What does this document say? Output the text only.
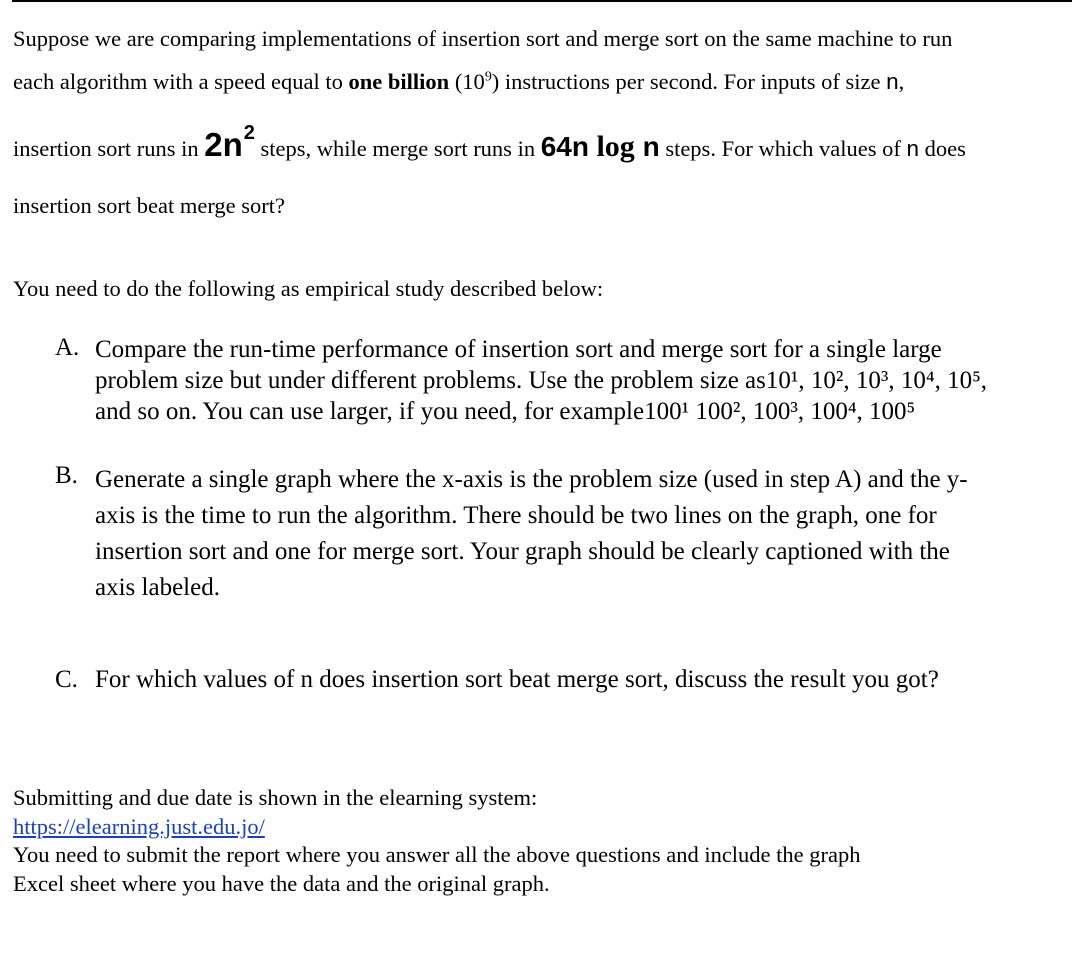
Suppose we are comparing implementations of insertion sort and merge sort on the same machine to run

each algorithm with a speed equal to one billion $(10^9)$ instructions per second. For inputs of size n,

insertion sort runs in 2n2 steps, while merge sort runs in 64n log n steps. For which values of n does

insertion sort beat merge sort?

You need to do the following as empirical study described below:
A. Compare the run-time performance of insertion sort and merge sort for a single large
problem size but under different problems. Use the problem size as10¹, 10², 10³, 10⁴, 10⁵,
and so on. You can use larger, if you need, for example100¹ 100², 100³, 100⁴, 100⁵
B. Generate a single graph where the x-axis is the problem size (used in step A) and the y-
axis is the time to run the algorithm. There should be two lines on the graph, one for
insertion sort and one for merge sort. Your graph should be clearly captioned with the
axis labeled.
C. For which values of n does insertion sort beat merge sort, discuss the result you got?
Submitting and due date is shown in the elearning system:
https://elearning.just.edu.jo/
You need to submit the report where you answer all the above questions and include the graph
Excel sheet where you have the data and the original graph.
